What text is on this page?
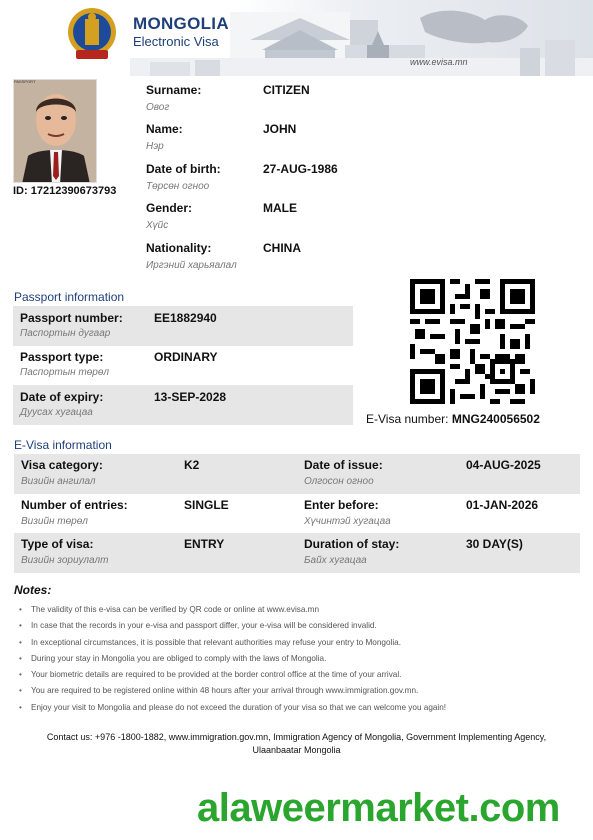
MONGOLIA
Electronic Visa
www.evisa.mn
PASSPORT
ID: 17212390673793
Surname:
Овог
CITIZEN
Name:
Нэр
JOHN
Date of birth:
Төрсөн огноо
27-AUG-1986
Gender:
Хүйс
MALE
Nationality:
Иргэний харьяалал
CHINA
Passport information
Passport number:
Паспортын дугаар
EE1882940
Passport type:
Паспортын төрөл
ORDINARY
Date of expiry:
Дуусах хугацаа
13-SEP-2028
E-Visa number: MNG240056502
E-Visa information
Visa category:
Визийн ангилал
K2	Date of issue:
Олгосон огноо
04-AUG-2025
Number of entries:
Визийн төрөл
SINGLE	Enter before:
Хүчинтэй хугацаа
01-JAN-2026
Type of visa:
Визийн зориулалт
ENTRY	Duration of stay:
Байх хугацаа
30 DAY(S)
Notes:
• The validity of this e-visa can be verified by QR code or online at www.evisa.mn
• In case that the records in your e-visa and passport differ, your e-visa will be considered invalid.
• In exceptional circumstances, it is possible that relevant authorities may refuse your entry to Mongolia.
• During your stay in Mongolia you are obliged to comply with the laws of Mongolia.
• Your biometric details are required to be provided at the border control office at the time of your arrival.
• You are required to be registered online within 48 hours after your arrival through www.immigration.gov.mn.
• Enjoy your visit to Mongolia and please do not exceed the duration of your visa so that we can welcome you again!
Contact us: +976 -1800-1882, www.immigration.gov.mn, Immigration Agency of Mongolia, Government Implementing Agency,
Ulaanbaatar Mongolia
alaweermarket.com
